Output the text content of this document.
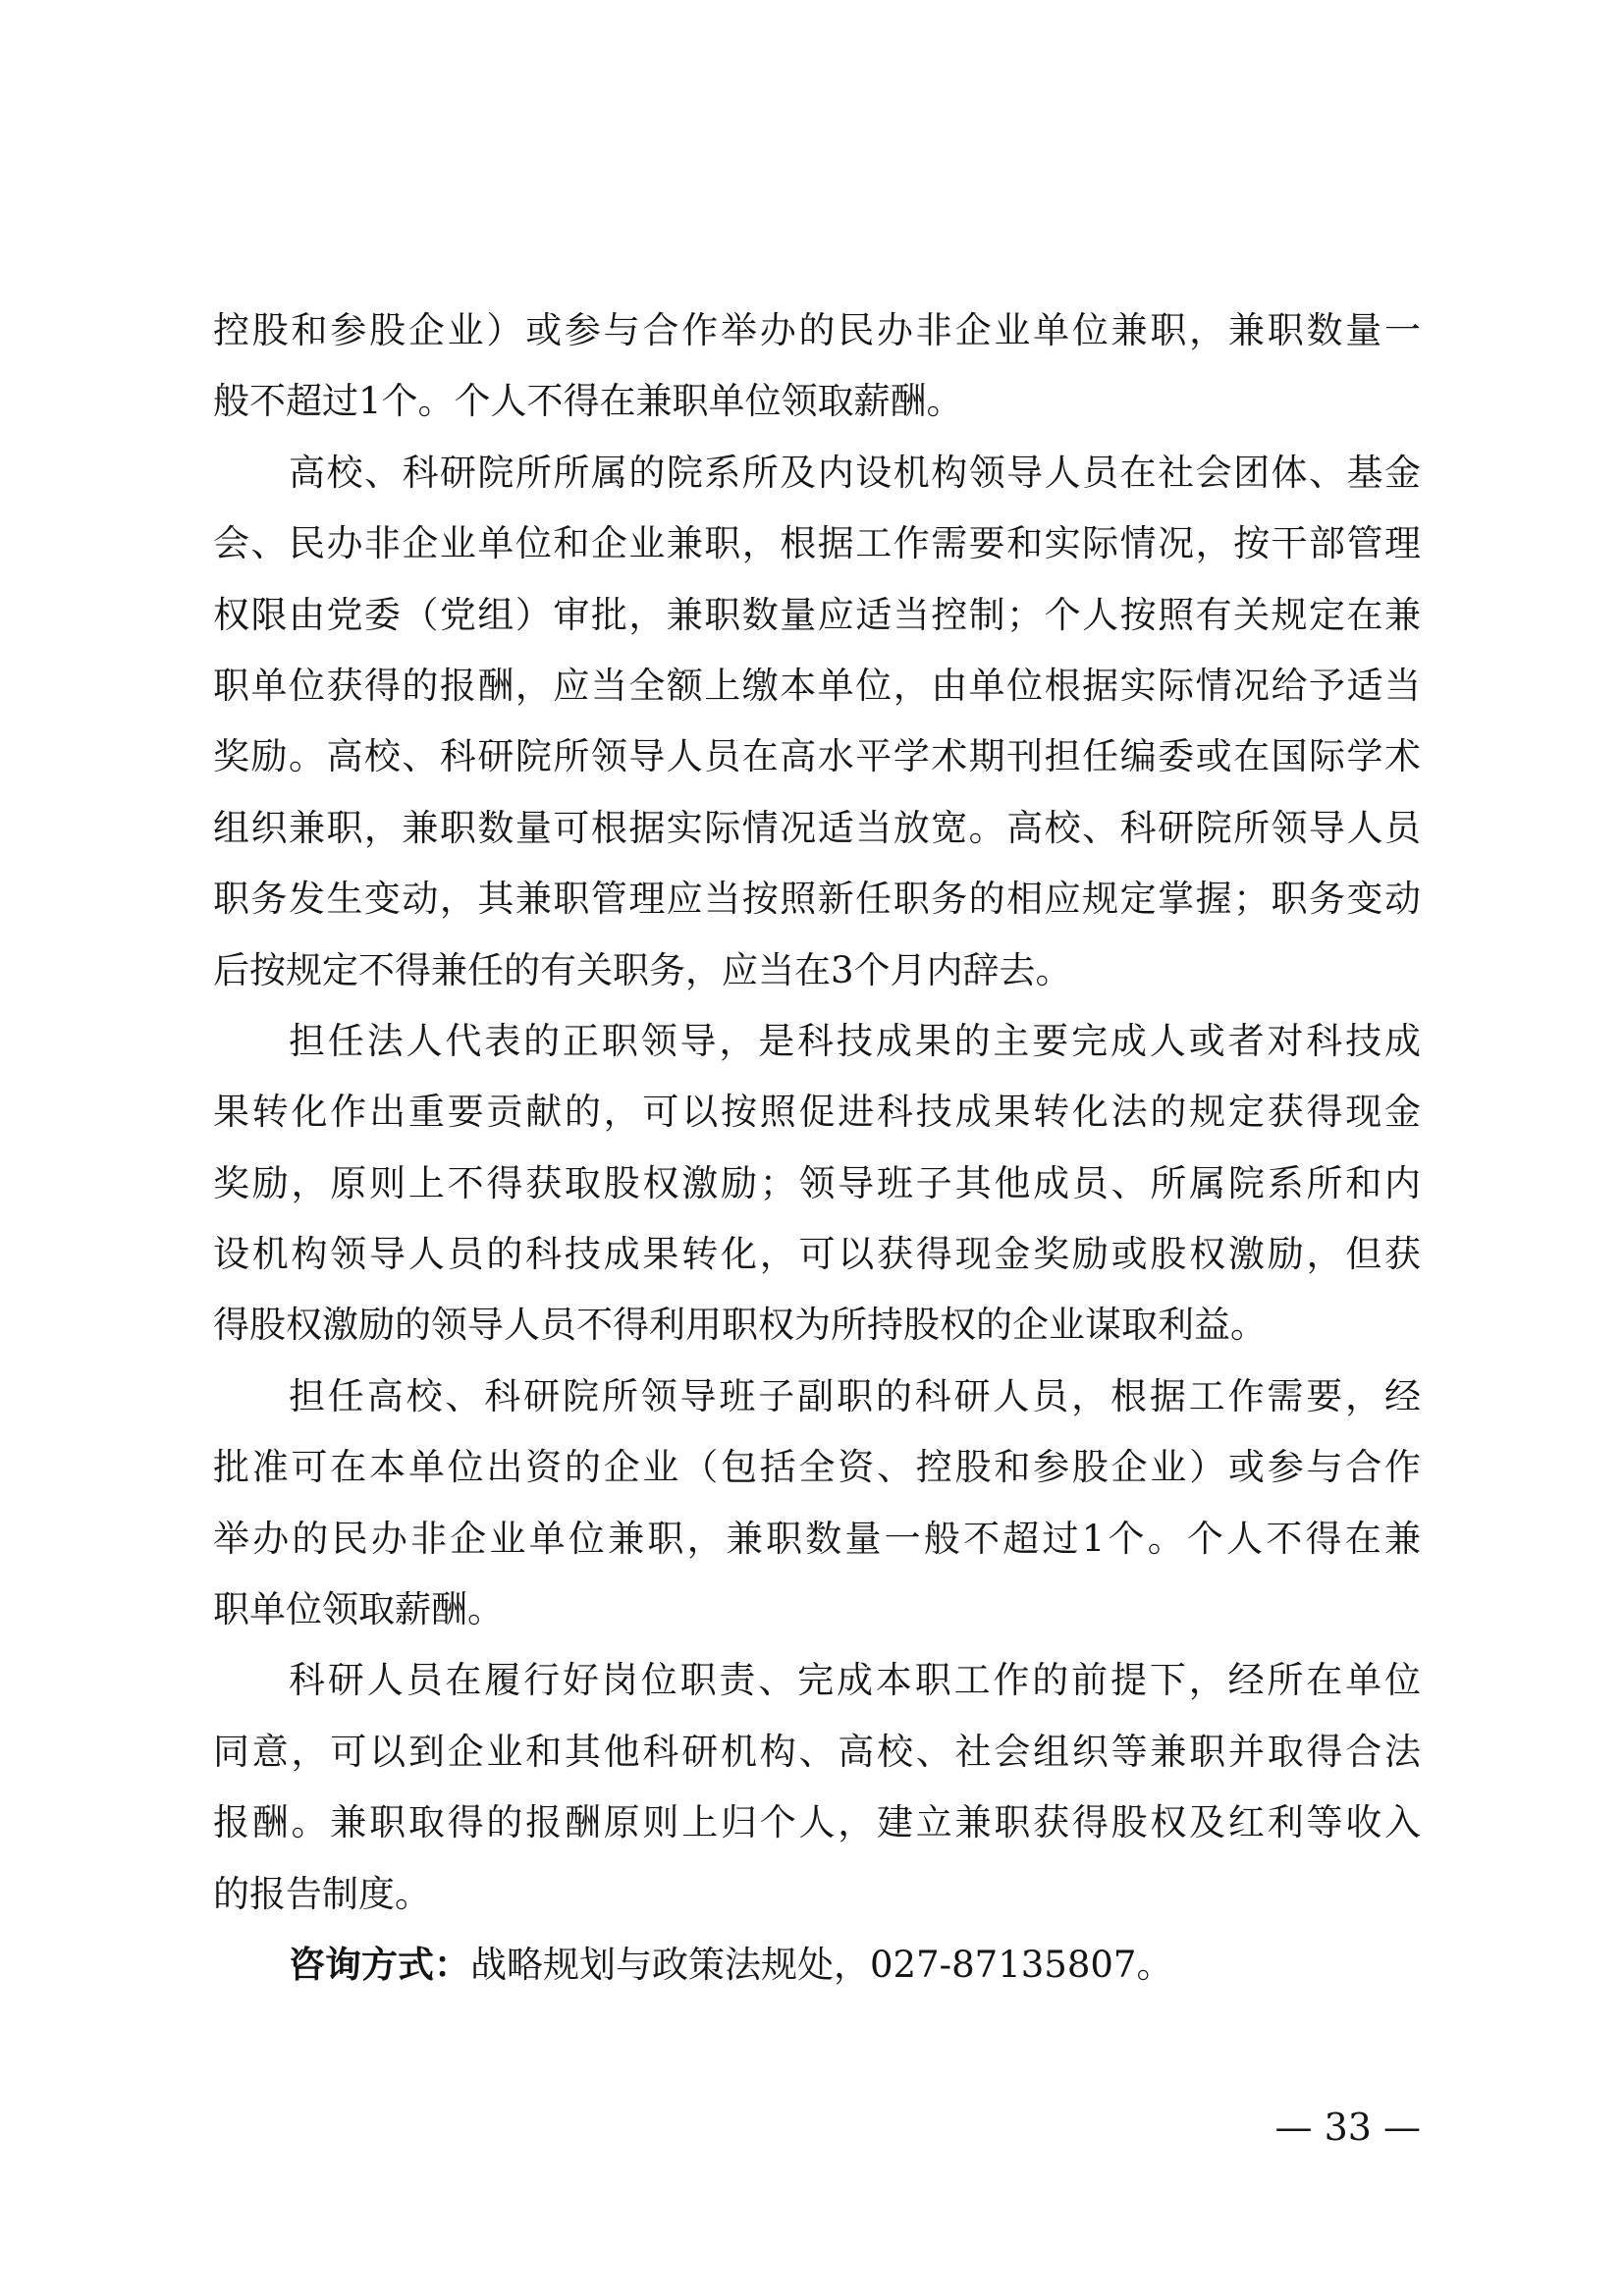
控股和参股企业）或参与合作举办的民办非企业单位兼职，兼职数量一
般不超过1个。个人不得在兼职单位领取薪酬。
高校、科研院所所属的院系所及内设机构领导人员在社会团体、基金
会、民办非企业单位和企业兼职，根据工作需要和实际情况，按干部管理
权限由党委（党组）审批，兼职数量应适当控制；个人按照有关规定在兼
职单位获得的报酬，应当全额上缴本单位，由单位根据实际情况给予适当
奖励。高校、科研院所领导人员在高水平学术期刊担任编委或在国际学术
组织兼职，兼职数量可根据实际情况适当放宽。高校、科研院所领导人员
职务发生变动，其兼职管理应当按照新任职务的相应规定掌握；职务变动
后按规定不得兼任的有关职务，应当在3个月内辞去。
担任法人代表的正职领导，是科技成果的主要完成人或者对科技成
果转化作出重要贡献的，可以按照促进科技成果转化法的规定获得现金
奖励，原则上不得获取股权激励；领导班子其他成员、所属院系所和内
设机构领导人员的科技成果转化，可以获得现金奖励或股权激励，但获
得股权激励的领导人员不得利用职权为所持股权的企业谋取利益。
担任高校、科研院所领导班子副职的科研人员，根据工作需要，经
批准可在本单位出资的企业（包括全资、控股和参股企业）或参与合作
举办的民办非企业单位兼职，兼职数量一般不超过1个。个人不得在兼
职单位领取薪酬。
科研人员在履行好岗位职责、完成本职工作的前提下，经所在单位
同意，可以到企业和其他科研机构、高校、社会组织等兼职并取得合法
报酬。兼职取得的报酬原则上归个人，建立兼职获得股权及红利等收入
的报告制度。
咨询方式：战略规划与政策法规处，027-87135807。
— 33 —
